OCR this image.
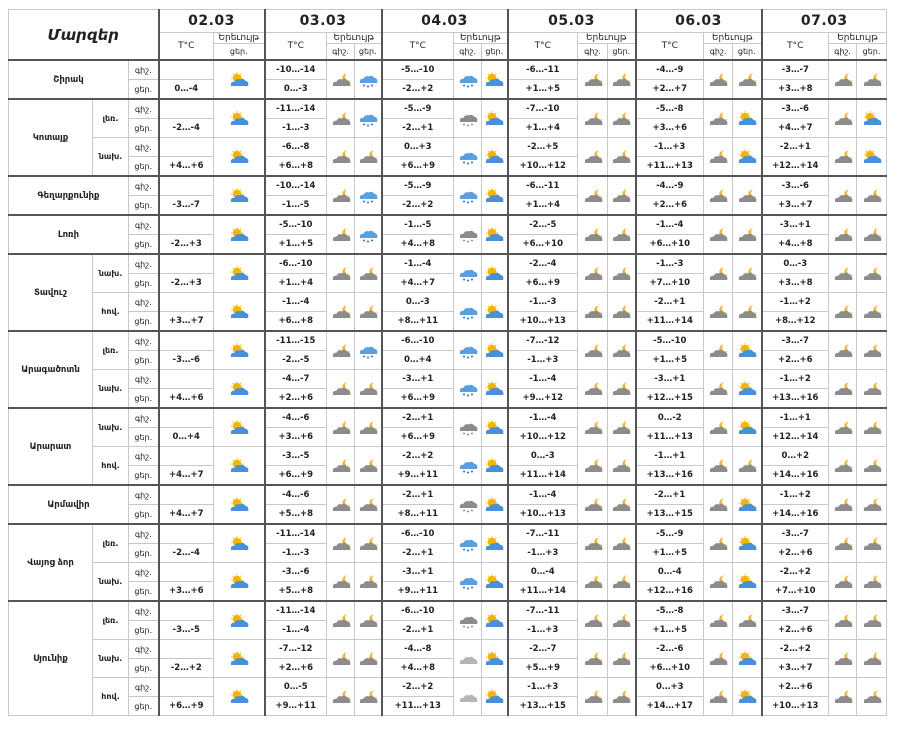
Մարզեր			02.03		03.03			04.03			05.03			06.03			07.03		
			T°C	Երեւույթ	T°C	Երեւույթ		T°C	Երեւույթ		T°C	Երեւույթ		T°C	Երեւույթ		T°C	Երեւույթ	
				ցեր.		գիշ.	ցեր.		գիշ.	ցեր.		գիշ.	ցեր.		գիշ.	ցեր.		գիշ.	ցեր.
Շիրակ		գիշ.			-10…-14			-5…-10			-6…-11			-4…-9			-3…-7	

		ցեր.	0…-4		0…-3			-2…+2			+1…+5			+2…+7			+3…+8		
Կոտայք	լեռ.	գիշ.			-11…-14			-5…-9			-7…-10			-5…-8			-3…-6	

		ցեր.	-2…-4		-1…-3			-2…+1			+1…+4			+3…+6			+4…+7		
	նախ.	գիշ.			-6…-8			0…+3			-2…+5			-1…+3			-2…+1	

		ցեր.	+4…+6		+6…+8			+6…+9			+10…+12			+11…+13			+12…+14		
Գեղարքունիք		գիշ.			-10…-14			-5…-9			-6…-11			-4…-9			-3…-6	

		ցեր.	-3…-7		-1…-5			-2…+2			+1…+4			+2…+6			+3…+7		
Լոռի		գիշ.			-5…-10			-1…-5			-2…-5			-1…-4			-3…+1	

		ցեր.	-2…+3		+1…+5			+4…+8			+6…+10			+6…+10			+4…+8		
Տավուշ	նախ.	գիշ.			-6…-10			-1…-4			-2…-4			-1…-3			0…-3	

		ցեր.	-2…+3		+1…+4			+4…+7			+6…+9			+7…+10			+3…+8		
	հով.	գիշ.			-1…-4			0…-3			-1…-3			-2…+1			-1…+2	

		ցեր.	+3…+7		+6…+8			+8…+11			+10…+13			+11…+14			+8…+12		
Արագածոտն	լեռ.	գիշ.			-11…-15			-6…-10			-7…-12			-5…-10			-3…-7	

		ցեր.	-3…-6		-2…-5			0…+4			-1…+3			+1…+5			+2…+6		
	նախ.	գիշ.			-4…-7			-3…+1			-1…-4			-3…+1			-1…+2	

		ցեր.	+4…+6		+2…+6			+6…+9			+9…+12			+12…+15			+13…+16		
Արարատ	նախ.	գիշ.			-4…-6			-2…+1			-1…-4			0…-2			-1…+1	

		ցեր.	0…+4		+3…+6			+6…+9			+10…+12			+11…+13			+12…+14		
	հով.	գիշ.			-3…-5			-2…+2			0…-3			-1…+1			0…+2	

		ցեր.	+4…+7		+6…+9			+9…+11			+11…+14			+13…+16			+14…+16		
Արմավիր		գիշ.			-4…-6			-2…+1			-1…-4			-2…+1			-1…+2	

		ցեր.	+4…+7		+5…+8			+8…+11			+10…+13			+13…+15			+14…+16		
Վայոց ձոր	լեռ.	գիշ.			-11…-14			-6…-10			-7…-11			-5…-9			-3…-7	

		ցեր.	-2…-4		-1…-3			-2…+1			-1…+3			+1…+5			+2…+6		
	նախ.	գիշ.			-3…-6			-3…+1			0…-4			0…-4			-2…+2	

		ցեր.	+3…+6		+5…+8			+9…+11			+11…+14			+12…+16			+7…+10		
Սյունիք	լեռ.	գիշ.			-11…-14			-6…-10			-7…-11			-5…-8			-3…-7	

		ցեր.	-3…-5		-1…-4			-2…+1			-1…+3			+1…+5			+2…+6		
	նախ.	գիշ.			-7…-12			-4…-8			-2…-7			-2…-6			-2…+2	

		ցեր.	-2…+2		+2…+6			+4…+8			+5…+9			+6…+10			+3…+7		
	հով.	գիշ.			0…-5			-2…+2			-1…+3			0…+3			+2…+6	

		ցեր.	+6…+9		+9…+11			+11…+13			+13…+15			+14…+17			+10…+13		
